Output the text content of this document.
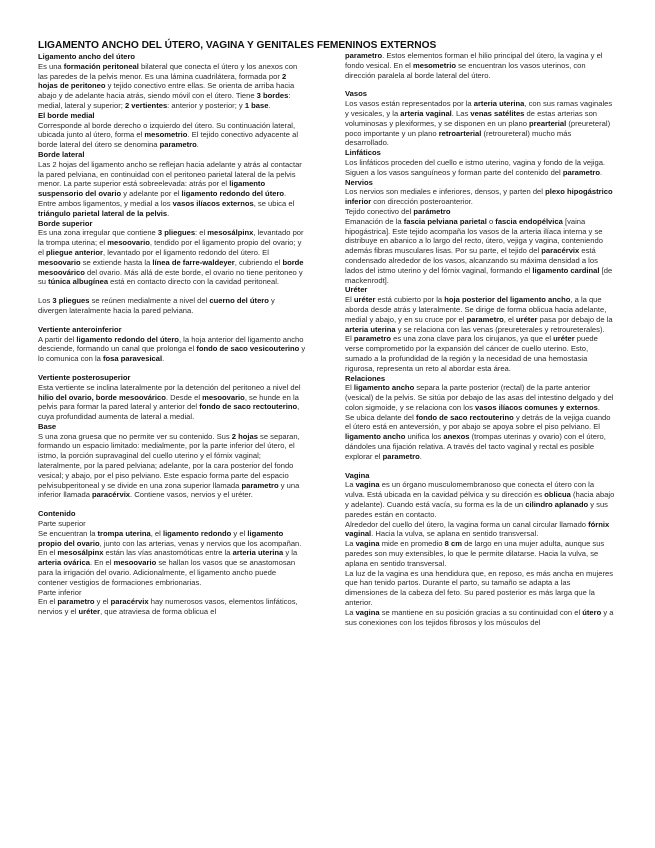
LIGAMENTO ANCHO DEL ÚTERO, VAGINA Y GENITALES FEMENINOS EXTERNOS

Ligamento ancho del útero

Es una formación peritoneal bilateral que conecta el útero y los anexos con las paredes de la pelvis menor. Es una lámina cuadrilátera, formada por 2 hojas de peritoneo y tejido conectivo entre ellas. Se orienta de arriba hacia abajo y de adelante hacia atrás, siendo móvil con el útero. Tiene 3 bordes: medial, lateral y superior; 2 vertientes: anterior y posterior; y 1 base.

El borde medial

Corresponde al borde derecho o izquierdo del útero. Su continuación lateral, ubicada junto al útero, forma el mesometrio. El tejido conectivo adyacente al borde lateral del útero se denomina parametro.

Borde lateral

Las 2 hojas del ligamento ancho se reflejan hacia adelante y atrás al contactar la pared pelviana, en continuidad con el peritoneo parietal lateral de la pelvis menor. La parte superior está sobreelevada: atrás por el ligamento suspensorio del ovario y adelante por el ligamento redondo del útero. Entre ambos ligamentos, y medial a los vasos ilíacos externos, se ubica el triángulo parietal lateral de la pelvis.

Borde superior

Es una zona irregular que contiene 3 pliegues: el mesosálpinx, levantado por la trompa uterina; el mesoovario, tendido por el ligamento propio del ovario; y el pliegue anterior, levantado por el ligamento redondo del útero. El mesoovario se extiende hasta la línea de farre-waldeyer, cubriendo el borde mesoovárico del ovario. Más allá de este borde, el ovario no tiene peritoneo y su túnica albugínea está en contacto directo con la cavidad peritoneal.

Los 3 pliegues se reúnen medialmente a nivel del cuerno del útero y divergen lateralmente hacia la pared pelviana.

Vertiente anteroinferior

A partir del ligamento redondo del útero, la hoja anterior del ligamento ancho desciende, formando un canal que prolonga el fondo de saco vesicouterino y lo comunica con la fosa paravesical.

Vertiente posterosuperior

Esta vertiente se inclina lateralmente por la detención del peritoneo a nivel del hilio del ovario, borde mesoovárico. Desde el mesoovario, se hunde en la pelvis para formar la pared lateral y anterior del fondo de saco rectouterino, cuya profundidad aumenta de lateral a medial.

Base

S una zona gruesa que no permite ver su contenido. Sus 2 hojas se separan, formando un espacio limitado: medialmente, por la parte inferior del útero, el istmo, la porción supravaginal del cuello uterino y el fórnix vaginal; lateralmente, por la pared pelviana; adelante, por la cara posterior del fondo vesical; y abajo, por el piso pelviano. Este espacio forma parte del espacio pelvisubperitoneal y se divide en una zona superior llamada parametro y una inferior llamada paracérvix. Contiene vasos, nervios y el uréter.

Contenido

Parte superior

Se encuentran la trompa uterina, el ligamento redondo y el ligamento propio del ovario, junto con las arterias, venas y nervios que los acompañan. En el mesosálpinx están las vías anastomóticas entre la arteria uterina y la arteria ovárica. En el mesoovario se hallan los vasos que se anastomosan para la irrigación del ovario. Adicionalmente, el ligamento ancho puede contener vestigios de formaciones embrionarias.

Parte inferior

En el parametro y el paracérvix hay numerosos vasos, elementos linfáticos, nervios y el uréter, que atraviesa de forma oblicua el

parametro. Estos elementos forman el hilio principal del útero, la vagina y el fondo vesical. En el mesometrio se encuentran los vasos uterinos, con dirección paralela al borde lateral del útero.

Vasos

Los vasos están representados por la arteria uterina, con sus ramas vaginales y vesicales, y la arteria vaginal. Las venas satélites de estas arterias son voluminosas y plexiformes, y se disponen en un plano prearterial (preureteral) poco importante y un plano retroarterial (retroureteral) mucho más desarrollado.

Linfáticos

Los linfáticos proceden del cuello e istmo uterino, vagina y fondo de la vejiga. Siguen a los vasos sanguíneos y forman parte del contenido del parametro.

Nervios

Los nervios son mediales e inferiores, densos, y parten del plexo hipogástrico inferior con dirección posteroanterior.

Tejido conectivo del parámetro

Emanación de la fascia pelviana parietal o fascia endopélvica [vaina hipogástrica]. Este tejido acompaña los vasos de la arteria ilíaca interna y se distribuye en abanico a lo largo del recto, útero, vejiga y vagina, conteniendo además fibras musculares lisas. Por su parte, el tejido del paracérvix está condensado alrededor de los vasos, alcanzando su máxima densidad a los lados del istmo uterino y del fórnix vaginal, formando el ligamento cardinal [de mackenrodt].

Uréter

El uréter está cubierto por la hoja posterior del ligamento ancho, a la que aborda desde atrás y lateralmente. Se dirige de forma oblicua hacia adelante, medial y abajo, y en su cruce por el parametro, el uréter pasa por debajo de la arteria uterina y se relaciona con las venas (preureterales y retroureterales).

El parametro es una zona clave para los cirujanos, ya que el uréter puede verse comprometido por la expansión del cáncer de cuello uterino. Esto, sumado a la profundidad de la región y la necesidad de una hemostasia rigurosa, representa un reto al abordar esta área.

Relaciones

El ligamento ancho separa la parte posterior (rectal) de la parte anterior (vesical) de la pelvis. Se sitúa por debajo de las asas del intestino delgado y del colon sigmoide, y se relaciona con los vasos ilíacos comunes y externos.

Se ubica delante del fondo de saco rectouterino y detrás de la vejiga cuando el útero está en anteversión, y por abajo se apoya sobre el piso pelviano. El ligamento ancho unifica los anexos (trompas uterinas y ovario) con el útero, dándoles una fijación relativa. A través del tacto vaginal y rectal es posible explorar el parametro.

Vagina

La vagina es un órgano musculomembranoso que conecta el útero con la vulva. Está ubicada en la cavidad pélvica y su dirección es oblicua (hacia abajo y adelante). Cuando está vacía, su forma es la de un cilindro aplanado y sus paredes están en contacto.

Alrededor del cuello del útero, la vagina forma un canal circular llamado fórnix vaginal. Hacia la vulva, se aplana en sentido transversal.

La vagina mide en promedio 8 cm de largo en una mujer adulta, aunque sus paredes son muy extensibles, lo que le permite dilatarse. Hacia la vulva, se aplana en sentido transversal.

La luz de la vagina es una hendidura que, en reposo, es más ancha en mujeres que han tenido partos. Durante el parto, su tamaño se adapta a las dimensiones de la cabeza del feto. Su pared posterior es más larga que la anterior.

La vagina se mantiene en su posición gracias a su continuidad con el útero y a sus conexiones con los tejidos fibrosos y los músculos del
